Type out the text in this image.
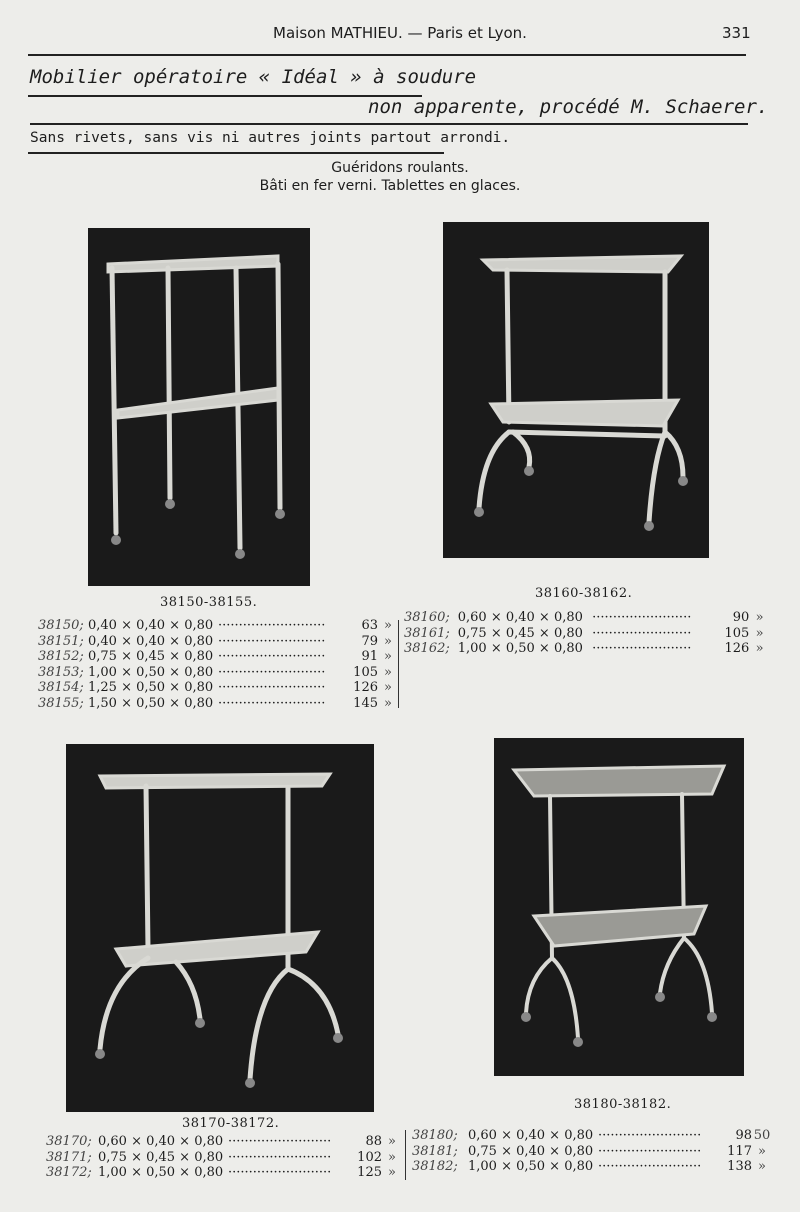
Maison MATHIEU. — Paris et Lyon.	331
Mobilier opératoire « Idéal » à soudure
non apparente, procédé M. Schaerer.
Sans rivets, sans vis ni autres joints partout arrondi.
Guéridons roulants.
Bâti en fer verni. Tablettes en glaces.
38150-38155.
38160-38162.
38150;	0,40 × 0,40 × 0,80	··························	63	»
38151;	0,40 × 0,40 × 0,80	··························	79	»
38152;	0,75 × 0,45 × 0,80	··························	91	»
38153;	1,00 × 0,50 × 0,80	··························	105	»
38154;	1,25 × 0,50 × 0,80	··························	126	»
38155;	1,50 × 0,50 × 0,80	··························	145	»
38160;	0,60 × 0,40 × 0,80	························	90	»
38161;	0,75 × 0,45 × 0,80	························	105	»
38162;	1,00 × 0,50 × 0,80	························	126	»
38170-38172.
38180-38182.
38170;	0,60 × 0,40 × 0,80	·························	88	»
38171;	0,75 × 0,45 × 0,80	·························	102	»
38172;	1,00 × 0,50 × 0,80	·························	125	»
38180;	0,60 × 0,40 × 0,80	·························	98	50
38181;	0,75 × 0,40 × 0,80	·························	117	»
38182;	1,00 × 0,50 × 0,80	·························	138	»
